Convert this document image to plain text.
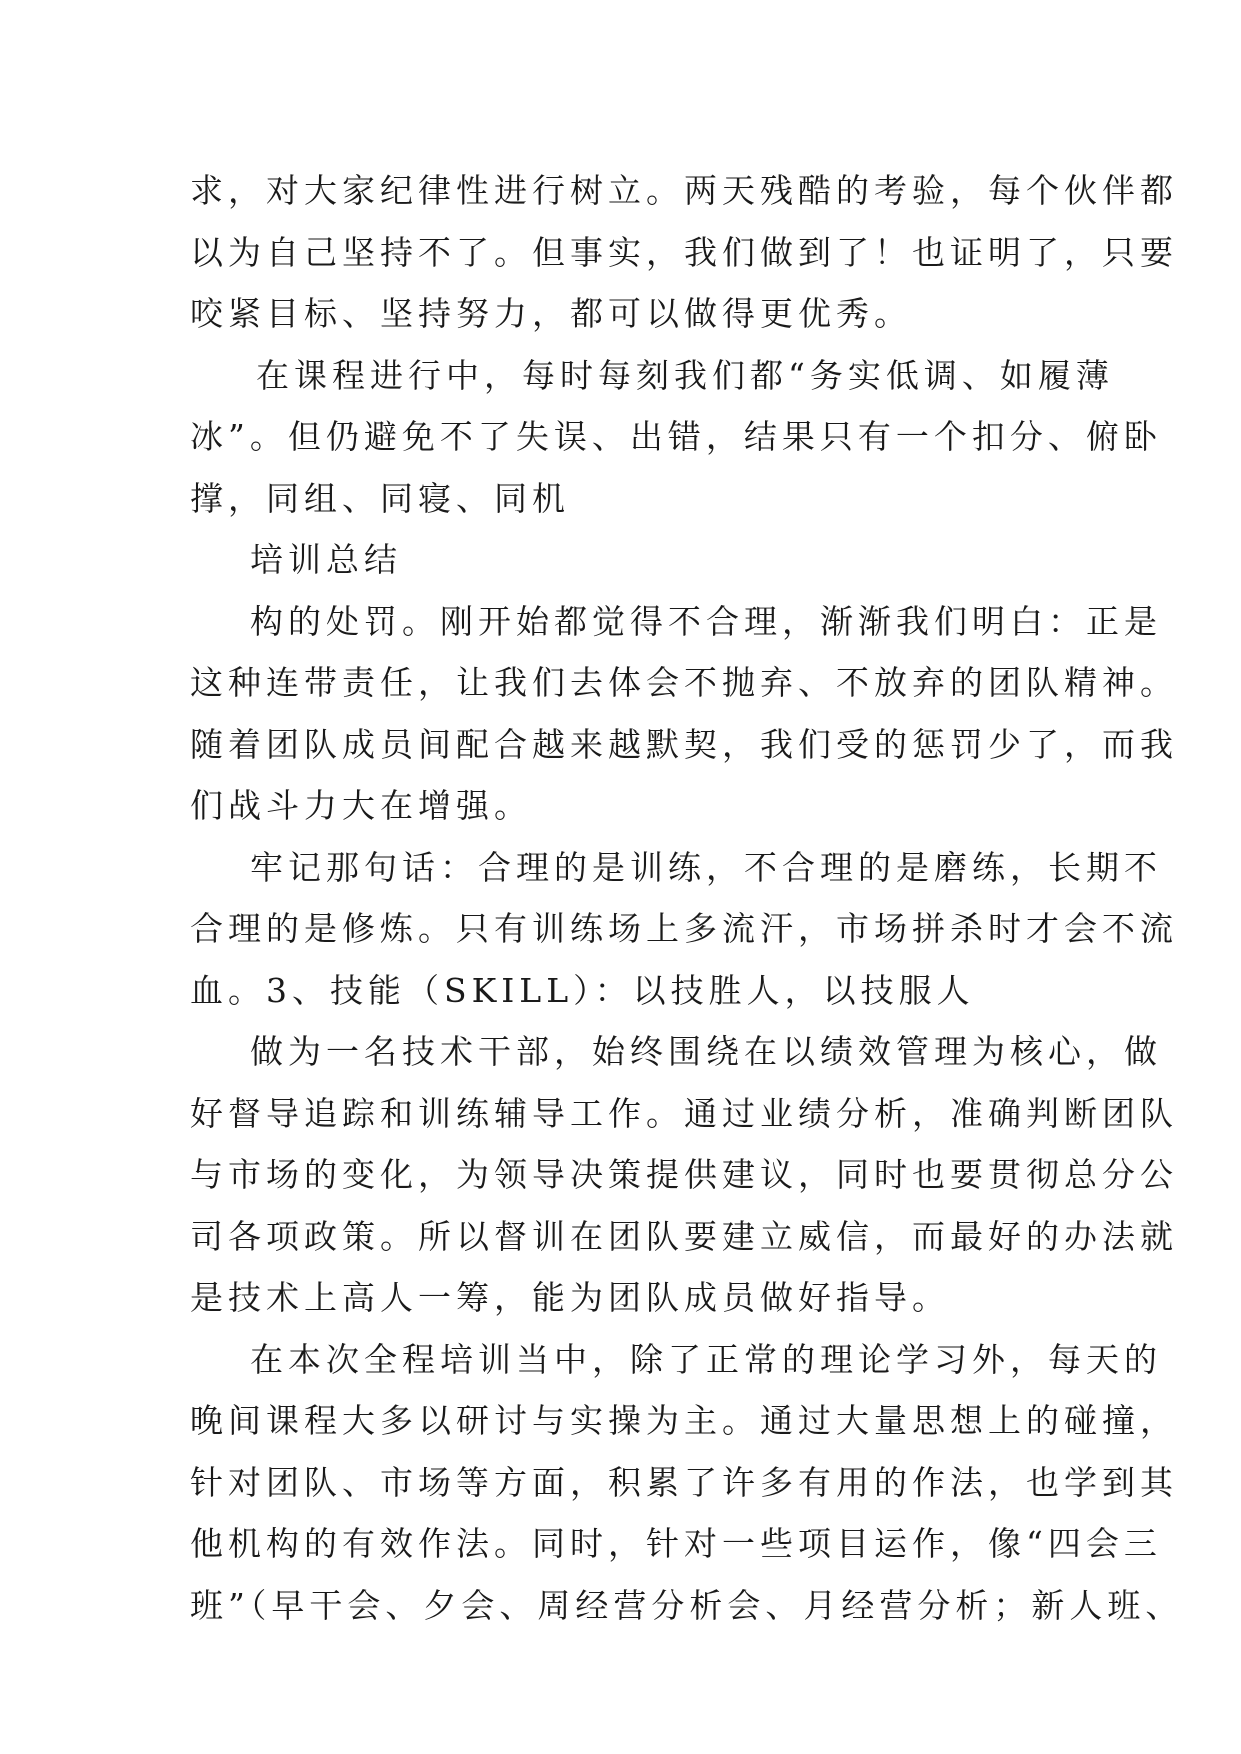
求，对大家纪律性进行树立。两天残酷的考验，每个伙伴都
以为自己坚持不了。但事实，我们做到了！也证明了，只要
咬紧目标、坚持努力，都可以做得更优秀。
在课程进行中，每时每刻我们都“务实低调、如履薄
冰”。但仍避免不了失误、出错，结果只有一个扣分、俯卧
撑，同组、同寝、同机
培训总结
构的处罚。刚开始都觉得不合理，渐渐我们明白：正是
这种连带责任，让我们去体会不抛弃、不放弃的团队精神。
随着团队成员间配合越来越默契，我们受的惩罚少了，而我
们战斗力大在增强。
牢记那句话：合理的是训练，不合理的是磨练，长期不
合理的是修炼。只有训练场上多流汗，市场拼杀时才会不流
血。3、技能（SKILL）：以技胜人，以技服人
做为一名技术干部，始终围绕在以绩效管理为核心，做
好督导追踪和训练辅导工作。通过业绩分析，准确判断团队
与市场的变化，为领导决策提供建议，同时也要贯彻总分公
司各项政策。所以督训在团队要建立威信，而最好的办法就
是技术上高人一筹，能为团队成员做好指导。
在本次全程培训当中，除了正常的理论学习外，每天的
晚间课程大多以研讨与实操为主。通过大量思想上的碰撞，
针对团队、市场等方面，积累了许多有用的作法，也学到其
他机构的有效作法。同时，针对一些项目运作，像“四会三
班”（早干会、夕会、周经营分析会、月经营分析；新人班、
